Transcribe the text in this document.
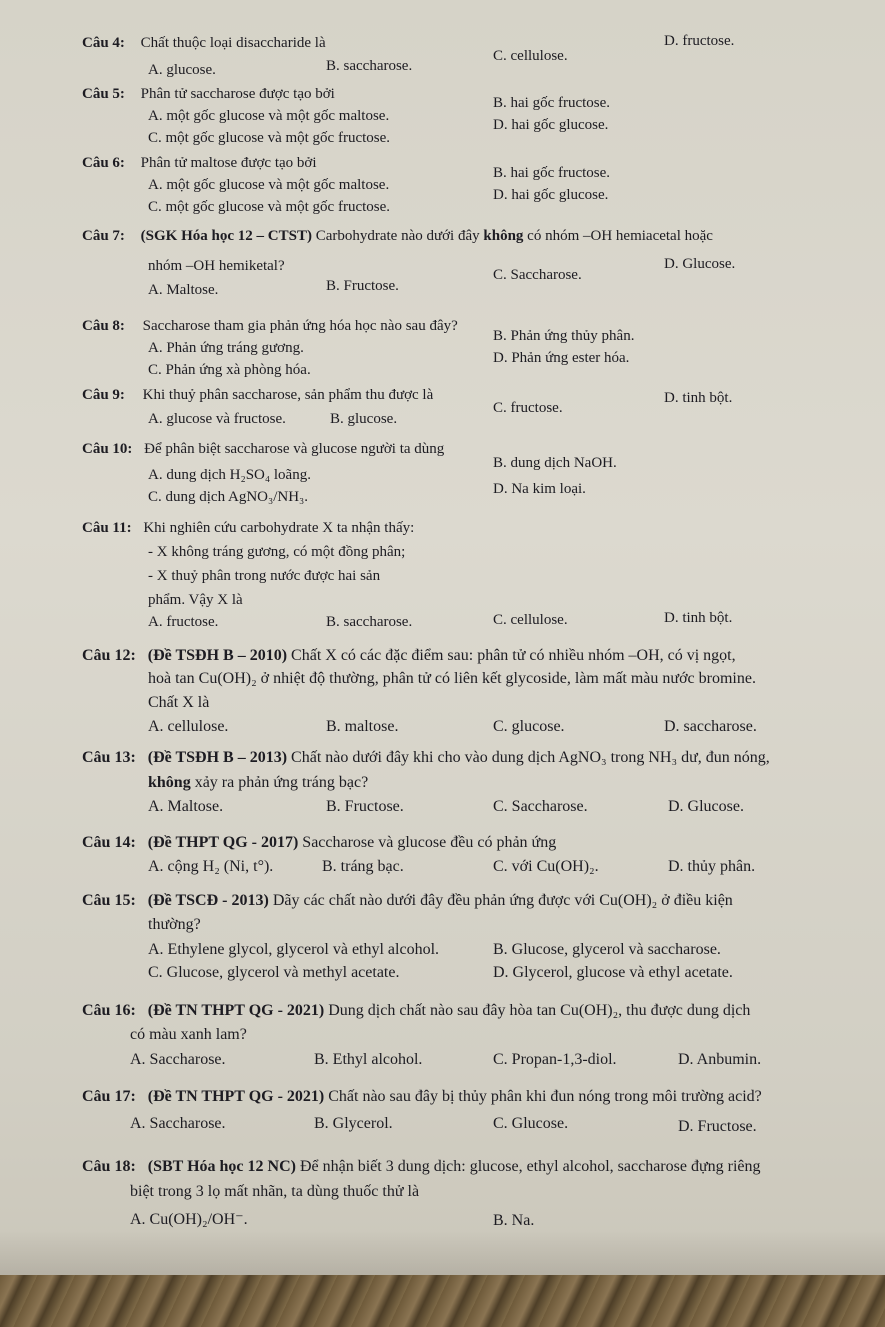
Câu 4: Chất thuộc loại disaccharide là
A. glucose.	B. saccharose.
C. cellulose.
D. fructose.
Câu 5: Phân tử saccharose được tạo bởi
A. một gốc glucose và một gốc maltose.
B. hai gốc fructose.
C. một gốc glucose và một gốc fructose.
D. hai gốc glucose.
Câu 6: Phân tử maltose được tạo bởi
A. một gốc glucose và một gốc maltose.
B. hai gốc fructose.
C. một gốc glucose và một gốc fructose.
D. hai gốc glucose.
Câu 7: (SGK Hóa học 12 – CTST) Carbohydrate nào dưới đây không có nhóm –OH hemiacetal hoặc
nhóm –OH hemiketal?
A. Maltose.	B. Fructose.
C. Saccharose.
D. Glucose.
Câu 8: Saccharose tham gia phản ứng hóa học nào sau đây?
A. Phản ứng tráng gương.
B. Phản ứng thủy phân.
C. Phản ứng xà phòng hóa.
D. Phản ứng ester hóa.
Câu 9: Khi thuỷ phân saccharose, sản phẩm thu được là
A. glucose và fructose.	B. glucose.
C. fructose.
D. tinh bột.
Câu 10: Để phân biệt saccharose và glucose người ta dùng
A. dung dịch H₂SO₄ loãng.
B. dung dịch NaOH.
C. dung dịch AgNO₃/NH₃.	D. Na kim loại.
Câu 11: Khi nghiên cứu carbohydrate X ta nhận thấy:
- X không tráng gương, có một đồng phân;
- X thuỷ phân trong nước được hai sản
phẩm. Vậy X là
A. fructose.	B. saccharose.	C. cellulose.	D. tinh bột.
Câu 12: (Đề TSĐH B – 2010) Chất X có các đặc điểm sau: phân tử có nhiều nhóm –OH, có vị ngọt,
hoà tan Cu(OH)₂ ở nhiệt độ thường, phân tử có liên kết glycoside, làm mất màu nước bromine.
Chất X là
A. cellulose.	B. maltose.	C. glucose.	D. saccharose.
Câu 13: (Đề TSĐH B – 2013) Chất nào dưới đây khi cho vào dung dịch AgNO₃ trong NH₃ dư, đun nóng,
không xảy ra phản ứng tráng bạc?
A. Maltose.	B. Fructose.	C. Saccharose.	D. Glucose.
Câu 14: (Đề THPT QG - 2017) Saccharose và glucose đều có phản ứng
A. cộng H₂ (Ni, t°).	B. tráng bạc.	C. với Cu(OH)₂.	D. thủy phân.
Câu 15: (Đề TSCĐ - 2013) Dãy các chất nào dưới đây đều phản ứng được với Cu(OH)₂ ở điều kiện
thường?
A. Ethylene glycol, glycerol và ethyl alcohol.	B. Glucose, glycerol và saccharose.
C. Glucose, glycerol và methyl acetate.	D. Glycerol, glucose và ethyl acetate.
Câu 16: (Đề TN THPT QG - 2021) Dung dịch chất nào sau đây hòa tan Cu(OH)₂, thu được dung dịch
có màu xanh lam?
A. Saccharose.	B. Ethyl alcohol.	C. Propan-1,3-diol.	D. Anbumin.
Câu 17: (Đề TN THPT QG - 2021) Chất nào sau đây bị thủy phân khi đun nóng trong môi trường acid?
A. Saccharose.	B. Glycerol.	C. Glucose.	D. Fructose.
Câu 18: (SBT Hóa học 12 NC) Để nhận biết 3 dung dịch: glucose, ethyl alcohol, saccharose đựng riêng
biệt trong 3 lọ mất nhãn, ta dùng thuốc thử là
A. Cu(OH)₂/OH⁻.	B. Na.
